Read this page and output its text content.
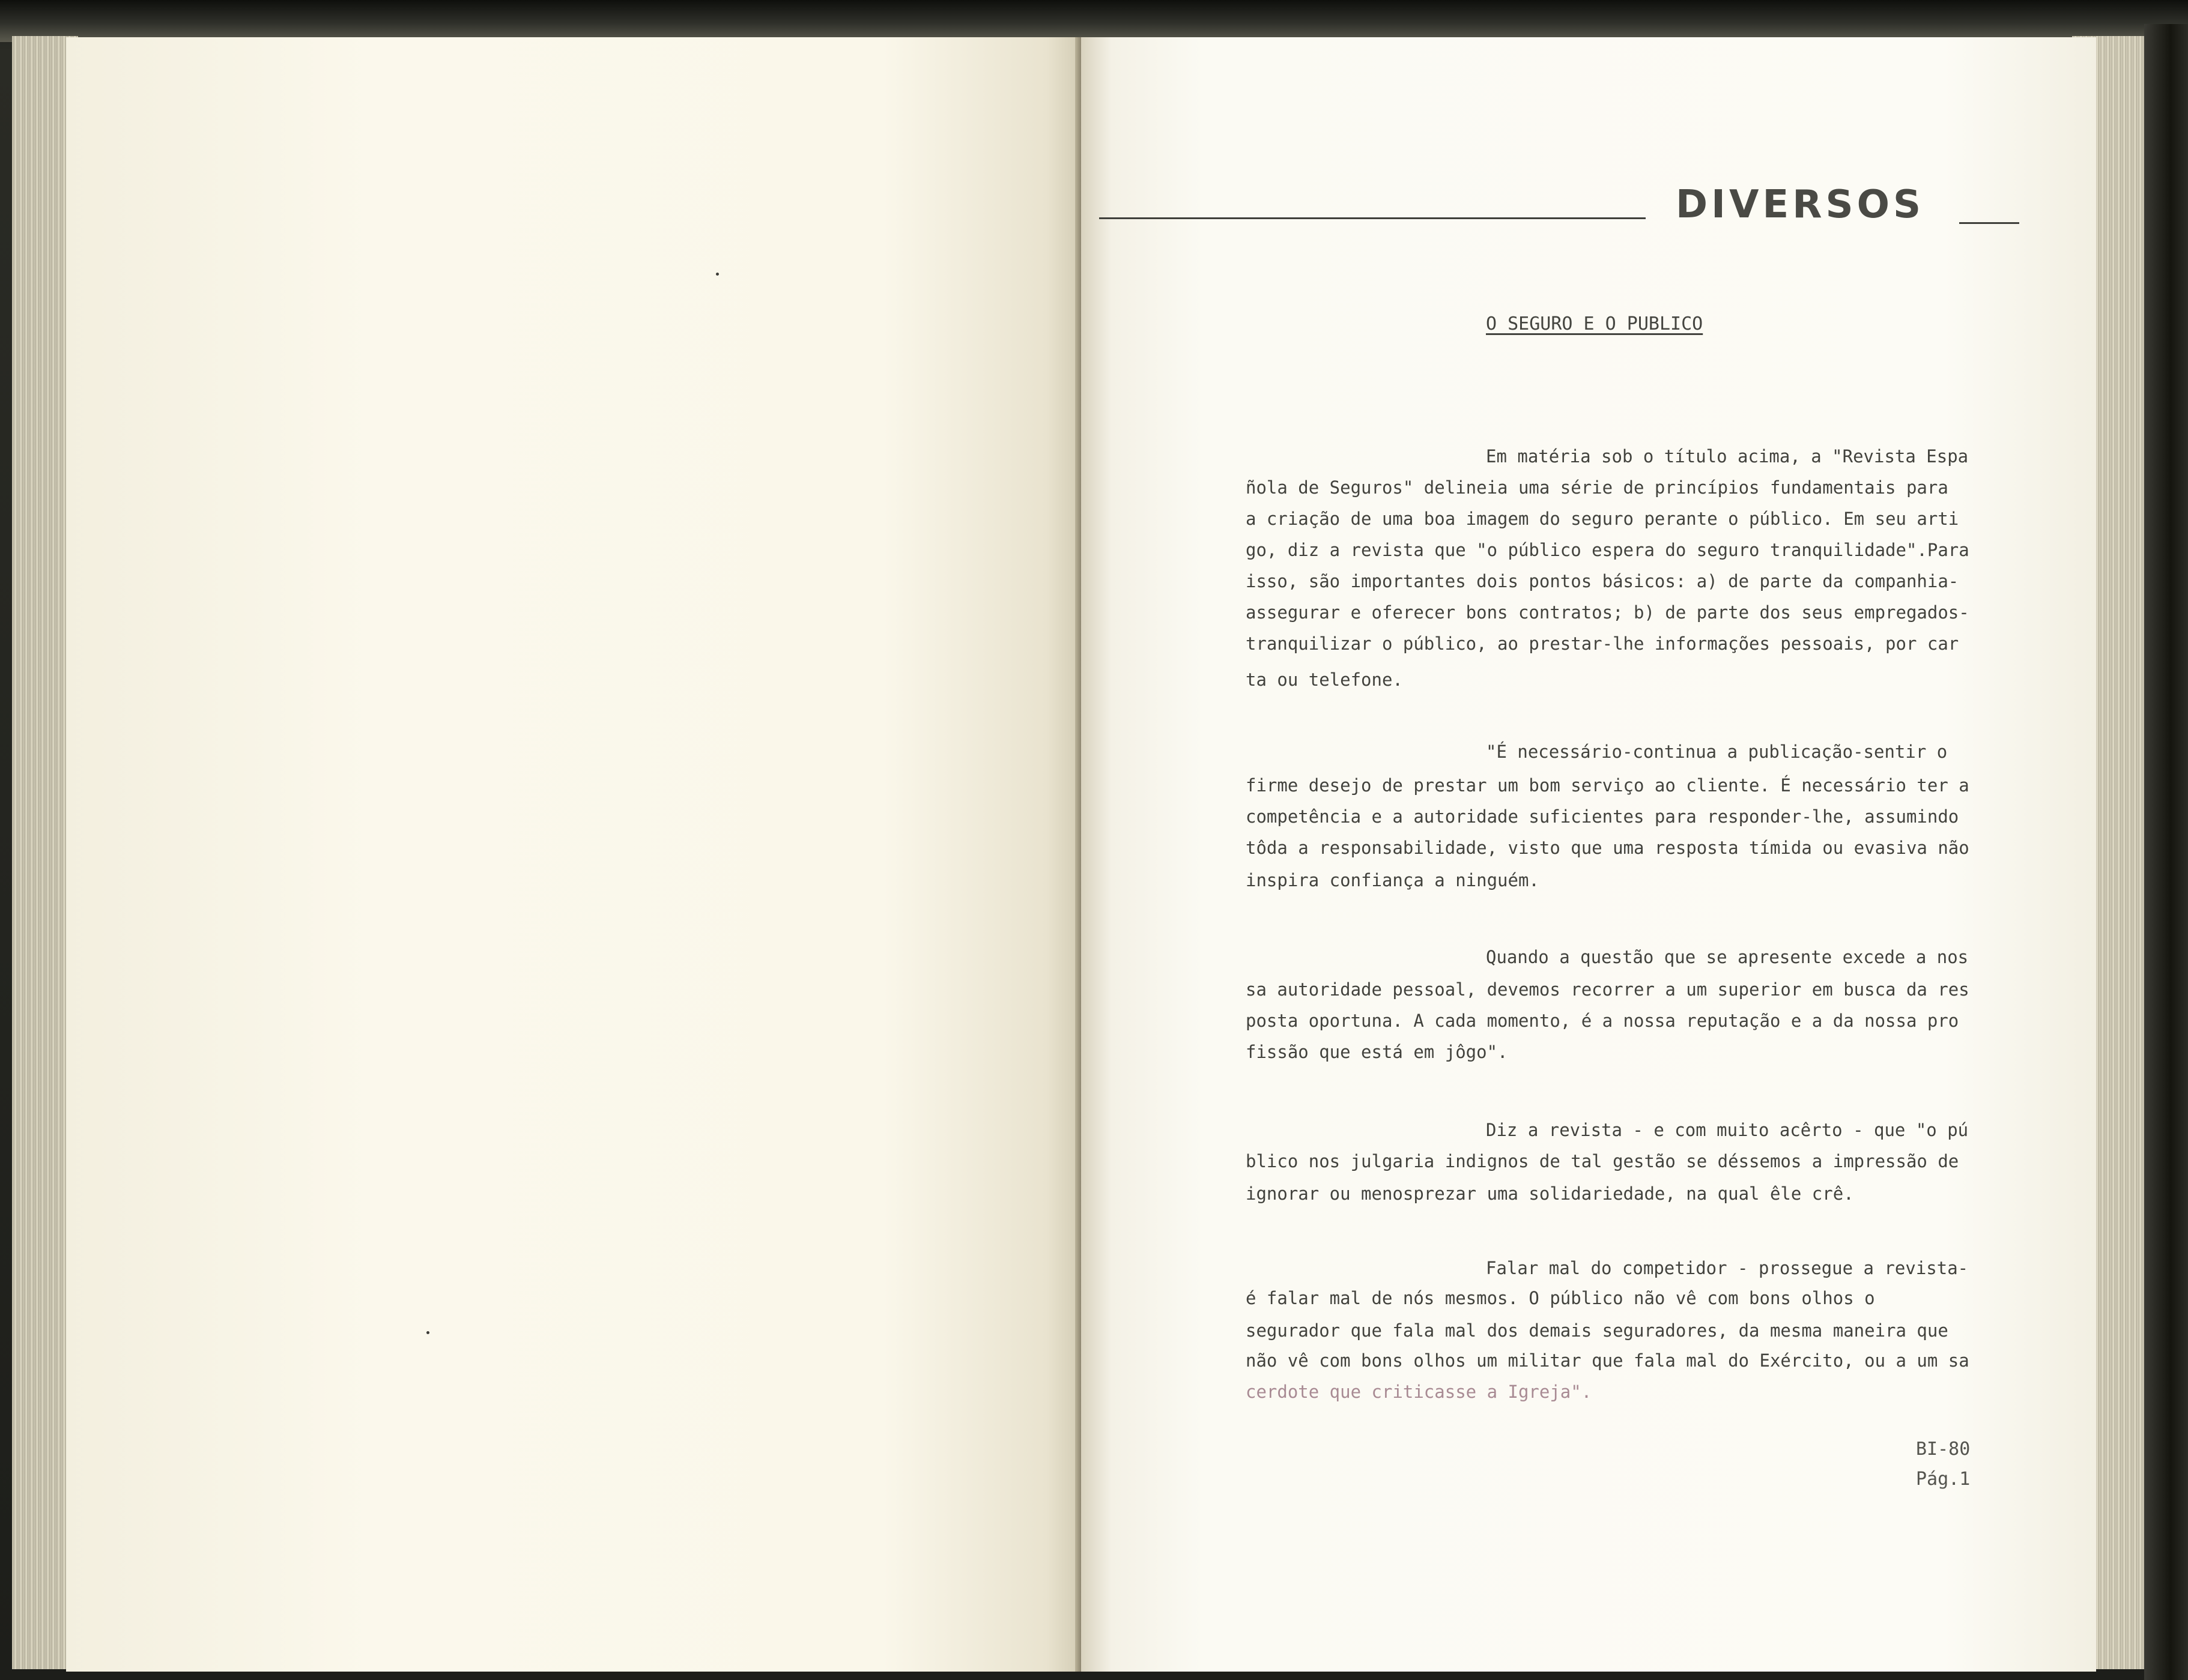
DIVERSOS
O SEGURO E O PUBLICO
Em matéria sob o título acima, a "Revista Espa
ñola de Seguros" delineia uma série de princípios fundamentais para
a criação de uma boa imagem do seguro perante o público. Em seu arti
go, diz a revista que "o público espera do seguro tranquilidade".Para
isso, são importantes dois pontos básicos: a) de parte da companhia-
assegurar e oferecer bons contratos; b) de parte dos seus empregados-
tranquilizar o público, ao prestar-lhe informações pessoais, por car
ta ou telefone.
"É necessário-continua a publicação-sentir o
firme desejo de prestar um bom serviço ao cliente. É necessário ter a
competência e a autoridade suficientes para responder-lhe, assumindo
tôda a responsabilidade, visto que uma resposta tímida ou evasiva não
inspira confiança a ninguém.
Quando a questão que se apresente excede a nos
sa autoridade pessoal, devemos recorrer a um superior em busca da res
posta oportuna. A cada momento, é a nossa reputação e a da nossa pro
fissão que está em jôgo".
Diz a revista - e com muito acêrto - que "o pú
blico nos julgaria indignos de tal gestão se déssemos a impressão de
ignorar ou menosprezar uma solidariedade, na qual êle crê.
Falar mal do competidor - prossegue a revista-
é falar mal de nós mesmos. O público não vê com bons olhos o
segurador que fala mal dos demais seguradores, da mesma maneira que
não vê com bons olhos um militar que fala mal do Exército, ou a um sa
cerdote que criticasse a Igreja".
BI-80
Pág.1
